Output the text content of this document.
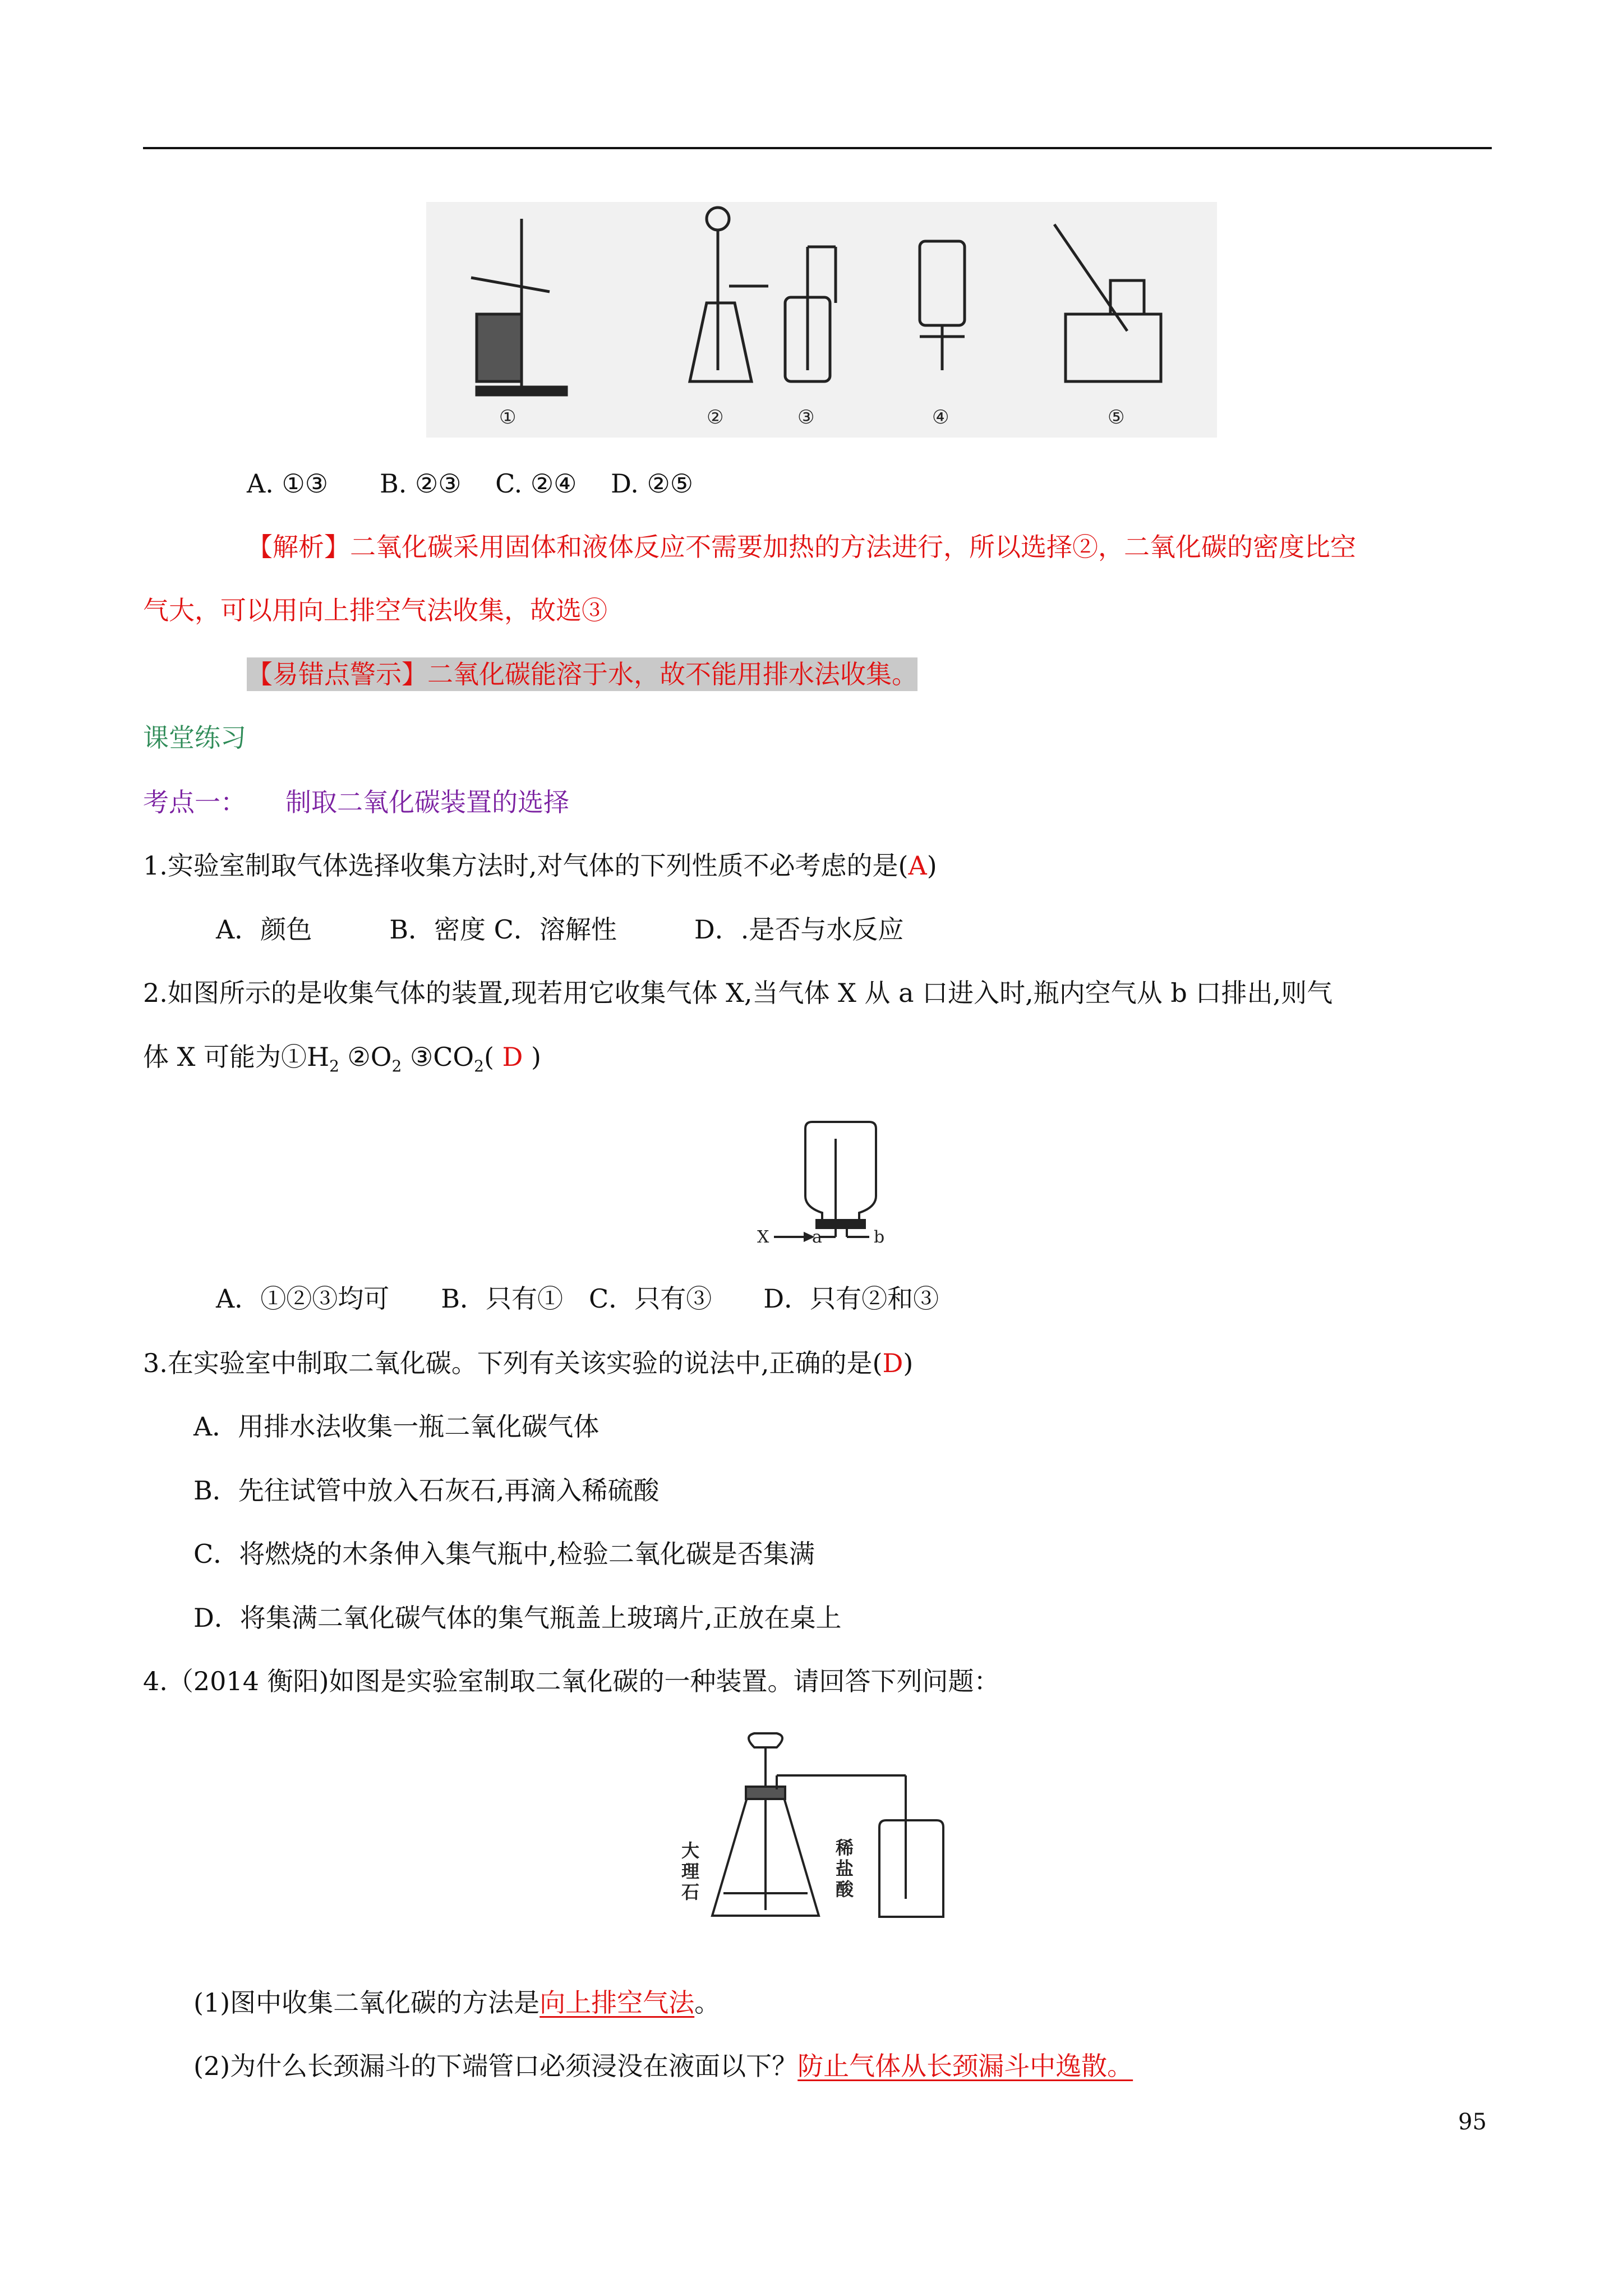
①	②	③	④	⑤
A. ①③　　B. ②③　 C. ②④　 D. ②⑤
【解析】二氧化碳采用固体和液体反应不需要加热的方法进行，所以选择②，二氧化碳的密度比空
气大，可以用向上排空气法收集，故选③
【易错点警示】二氧化碳能溶于水，故不能用排水法收集。
课堂练习
考点一： 制取二氧化碳装置的选择
1.实验室制取气体选择收集方法时,对气体的下列性质不必考虑的是(A)
A．颜色　　　B．密度 C．溶解性　　　D．.是否与水反应
2.如图所示的是收集气体的装置,现若用它收集气体 X,当气体 X 从 a 口进入时,瓶内空气从 b 口排出,则气
体 X 可能为$①H_2$ $②O_2$ $③CO_2$( D )
X	a	b
A．①②③均可　　B．只有①　C．只有③　　D．只有②和③
3.在实验室中制取二氧化碳。下列有关该实验的说法中,正确的是(D)
A．用排水法收集一瓶二氧化碳气体
B．先往试管中放入石灰石,再滴入稀硫酸
C．将燃烧的木条伸入集气瓶中,检验二氧化碳是否集满
D．将集满二氧化碳气体的集气瓶盖上玻璃片,正放在桌上
4.（2014 衡阳)如图是实验室制取二氧化碳的一种装置。请回答下列问题：
大
理
石
稀
盐
酸
(1)图中收集二氧化碳的方法是向上排空气法。
(2)为什么长颈漏斗的下端管口必须浸没在液面以下？防止气体从长颈漏斗中逸散。
95
